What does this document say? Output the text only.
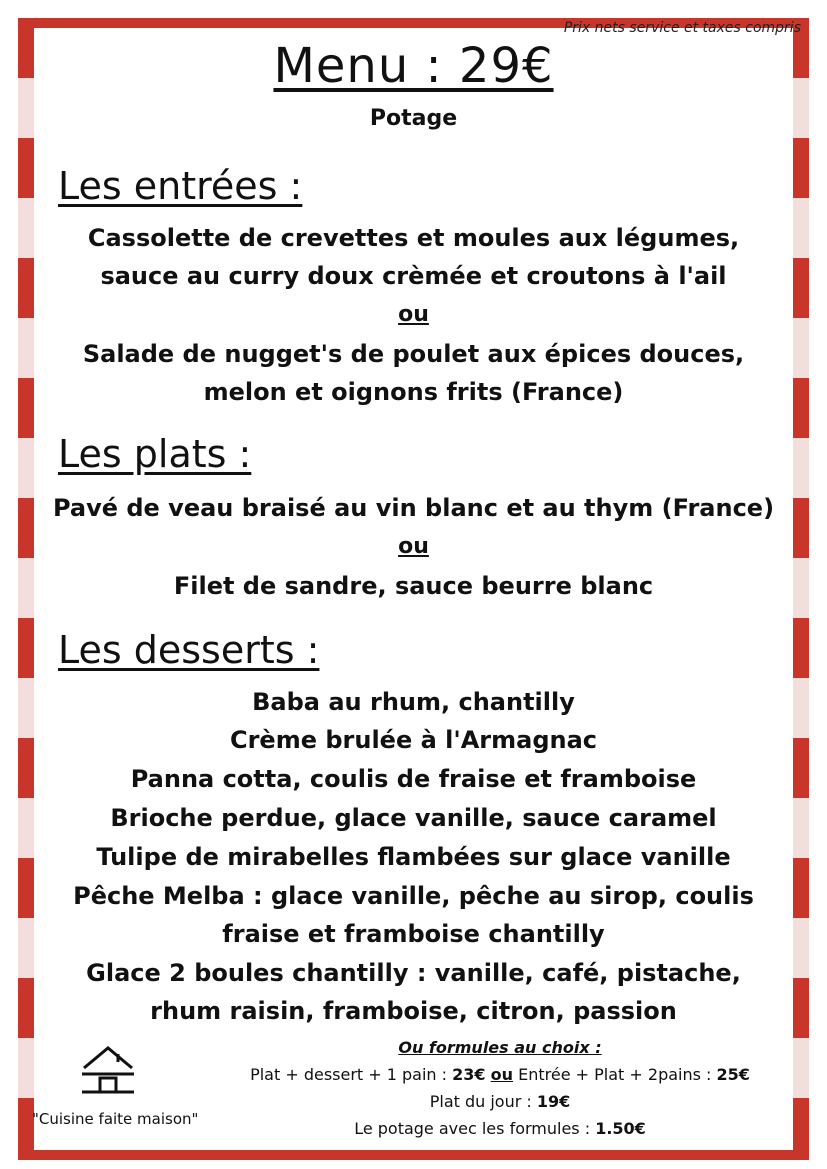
Prix nets service et taxes compris
Menu : 29€
Potage
Les entrées :
Cassolette de crevettes et moules aux légumes,
sauce au curry doux crèmée et croutons à l'ail
ou
Salade de nugget's de poulet aux épices douces,
melon et oignons frits (France)
Les plats :
Pavé de veau braisé au vin blanc et au thym (France)
ou
Filet de sandre, sauce beurre blanc
Les desserts :
Baba au rhum, chantilly
Crème brulée à l'Armagnac
Panna cotta, coulis de fraise et framboise
Brioche perdue, glace vanille, sauce caramel
Tulipe de mirabelles flambées sur glace vanille
Pêche Melba : glace vanille, pêche au sirop, coulis
fraise et framboise chantilly
Glace 2 boules chantilly : vanille, café, pistache,
rhum raisin, framboise, citron, passion
"Cuisine faite maison"
Ou formules au choix :
Plat + dessert + 1 pain : 23€ ou Entrée + Plat + 2pains : 25€
Plat du jour : 19€
Le potage avec les formules : 1.50€
